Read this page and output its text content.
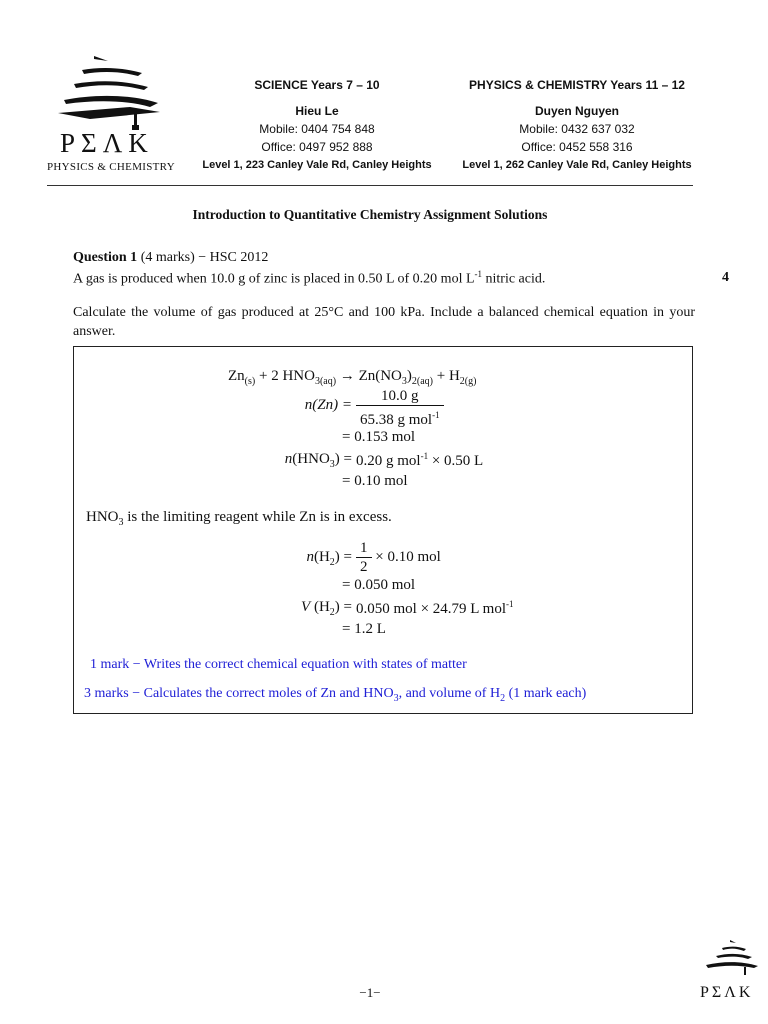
PΣΛK
PHYSICS & CHEMISTRY
SCIENCE Years 7 – 10
Hieu Le
Mobile: 0404 754 848
Office: 0497 952 888
Level 1, 223 Canley Vale Rd, Canley Heights
PHYSICS & CHEMISTRY Years 11 – 12
Duyen Nguyen
Mobile: 0432 637 032
Office: 0452 558 316
Level 1, 262 Canley Vale Rd, Canley Heights
Introduction to Quantitative Chemistry Assignment Solutions
Question 1 (4 marks) − HSC 2012
A gas is produced when 10.0 g of zinc is placed in 0.50 L of 0.20 mol $L^{-1}$ nitric acid.	4
Calculate the volume of gas produced at 25°C and 100 kPa. Include a balanced chemical equation in your answer.
$Zn_{(s)} + 2$ $HNO_{3(aq)} \to Zn(NO_3)_{2(aq)} + H_{2(g)}$
$n(Zn) = \frac{10.0 g}{65.38 g mol^{-1}}$
= 0.153 mol
$n(HNO_3) = 0.20$ g mol$^{-1}$ × 0.50 L
= 0.10 mol
$HNO_3$ is the limiting reagent while Zn is in excess.
$n(H_2) = \frac{1}{2} \times 0.10$ mol
= 0.050 mol
V $(H_2) = 0.050$ mol × 24.79 L mol$^{-1}$
= 1.2 L
1 mark − Writes the correct chemical equation with states of matter
3 marks − Calculates the correct moles of Zn and $HNO_3$, and volume of $H_2$ (1 mark each)
−1−	PΣΛK
